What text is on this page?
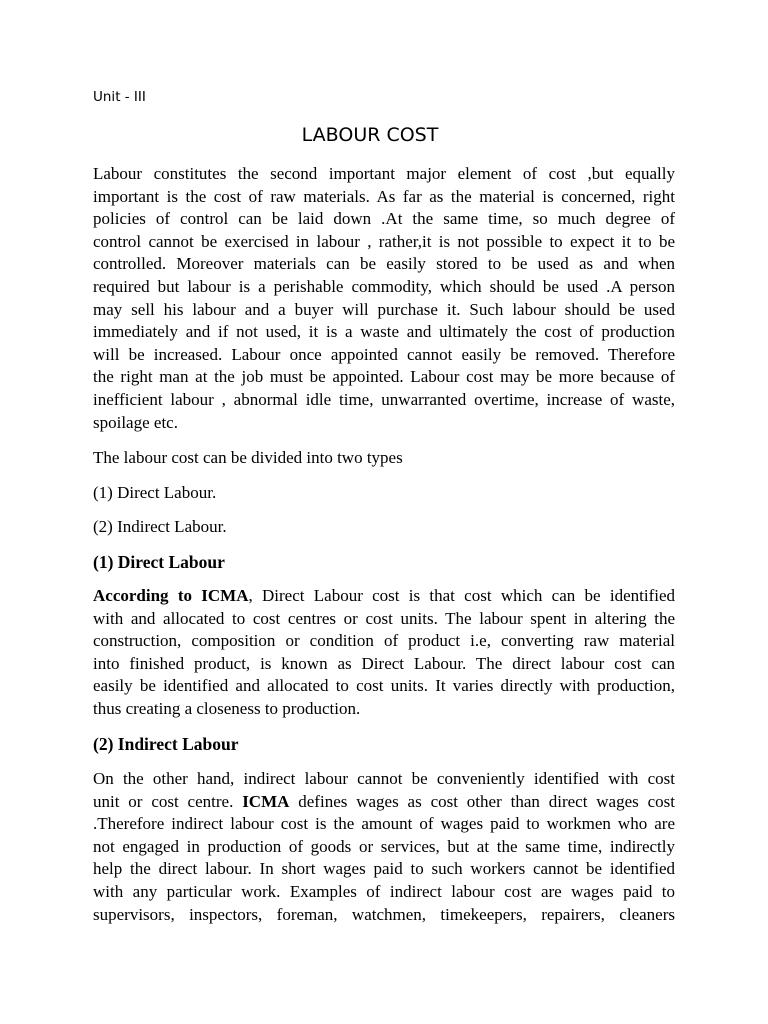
Unit - III
LABOUR COST
Labour constitutes the second important major element of cost ,but equally
important is the cost of raw materials. As far as the material is concerned, right
policies of control can be laid down .At the same time, so much degree of
control cannot be exercised in labour , rather,it is not possible to expect it to be
controlled. Moreover materials can be easily stored to be used as and when
required but labour is a perishable commodity, which should be used .A person
may sell his labour and a buyer will purchase it. Such labour should be used
immediately and if not used, it is a waste and ultimately the cost of production
will be increased. Labour once appointed cannot easily be removed. Therefore
the right man at the job must be appointed. Labour cost may be more because of
inefficient labour , abnormal idle time, unwarranted overtime, increase of waste,
spoilage etc.

The labour cost can be divided into two types

(1) Direct Labour.

(2) Indirect Labour.

(1) Direct Labour
According to ICMA, Direct Labour cost is that cost which can be identified
with and allocated to cost centres or cost units. The labour spent in altering the
construction, composition or condition of product i.e, converting raw material
into finished product, is known as Direct Labour. The direct labour cost can
easily be identified and allocated to cost units. It varies directly with production,
thus creating a closeness to production.
(2) Indirect Labour
On the other hand, indirect labour cannot be conveniently identified with cost
unit or cost centre. ICMA defines wages as cost other than direct wages cost
.Therefore indirect labour cost is the amount of wages paid to workmen who are
not engaged in production of goods or services, but at the same time, indirectly
help the direct labour. In short wages paid to such workers cannot be identified
with any particular work. Examples of indirect labour cost are wages paid to
supervisors, inspectors, foreman, watchmen, timekeepers, repairers, cleaners
